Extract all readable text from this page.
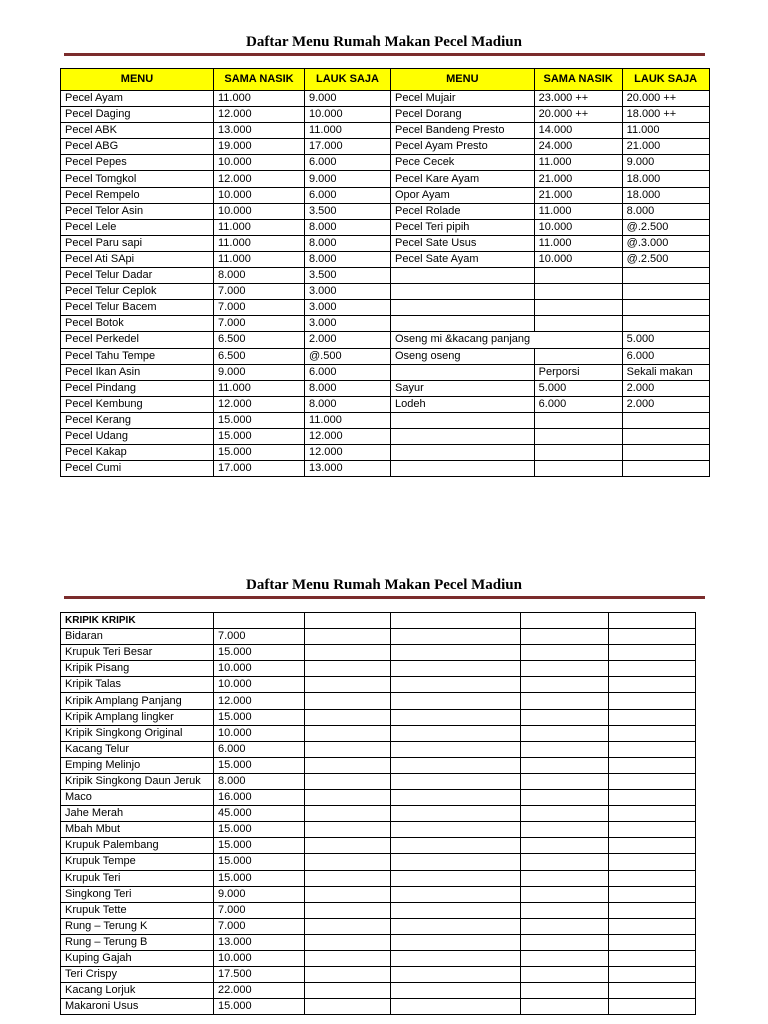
Daftar Menu Rumah Makan Pecel Madiun
MENU	SAMA NASIK	LAUK SAJA	MENU	SAMA NASIK	LAUK SAJA
Pecel Ayam	11.000	9.000	Pecel Mujair	23.000 ++	20.000 ++
Pecel Daging	12.000	10.000	Pecel Dorang	20.000 ++	18.000 ++
Pecel ABK	13.000	11.000	Pecel Bandeng Presto	14.000	11.000
Pecel ABG	19.000	17.000	Pecel Ayam Presto	24.000	21.000
Pecel Pepes	10.000	6.000	Pece Cecek	11.000	9.000
Pecel Tomgkol	12.000	9.000	Pecel Kare Ayam	21.000	18.000
Pecel Rempelo	10.000	6.000	Opor Ayam	21.000	18.000
Pecel Telor Asin	10.000	3.500	Pecel Rolade	11.000	8.000
Pecel Lele	11.000	8.000	Pecel Teri pipih	10.000	@.2.500
Pecel Paru sapi	11.000	8.000	Pecel Sate Usus	11.000	@.3.000
Pecel Ati SApi	11.000	8.000	Pecel Sate Ayam	10.000	@.2.500
Pecel Telur Dadar	8.000	3.500			
Pecel Telur Ceplok	7.000	3.000			
Pecel Telur Bacem	7.000	3.000			
Pecel Botok	7.000	3.000			
Pecel Perkedel	6.500	2.000	Oseng mi &kacang panjang		5.000
Pecel Tahu Tempe	6.500	@.500	Oseng oseng		6.000
Pecel Ikan Asin	9.000	6.000		Perporsi	Sekali makan
Pecel Pindang	11.000	8.000	Sayur	5.000	2.000
Pecel Kembung	12.000	8.000	Lodeh	6.000	2.000
Pecel Kerang	15.000	11.000			
Pecel Udang	15.000	12.000			
Pecel Kakap	15.000	12.000			
Pecel Cumi	17.000	13.000			
Daftar Menu Rumah Makan Pecel Madiun
KRIPIK KRIPIK					
Bidaran	7.000				
Krupuk Teri Besar	15.000				
Kripik Pisang	10.000				
Kripik Talas	10.000				
Kripik Amplang Panjang	12.000				
Kripik Amplang lingker	15.000				
Kripik Singkong Original	10.000				
Kacang Telur	6.000				
Emping Melinjo	15.000				
Kripik Singkong Daun Jeruk	8.000				
Maco	16.000				
Jahe Merah	45.000				
Mbah Mbut	15.000				
Krupuk Palembang	15.000				
Krupuk Tempe	15.000				
Krupuk Teri	15.000				
Singkong Teri	9.000				
Krupuk Tette	7.000				
Rung – Terung K	7.000				
Rung – Terung B	13.000				
Kuping Gajah	10.000				
Teri Crispy	17.500				
Kacang Lorjuk	22.000				
Makaroni Usus	15.000				
